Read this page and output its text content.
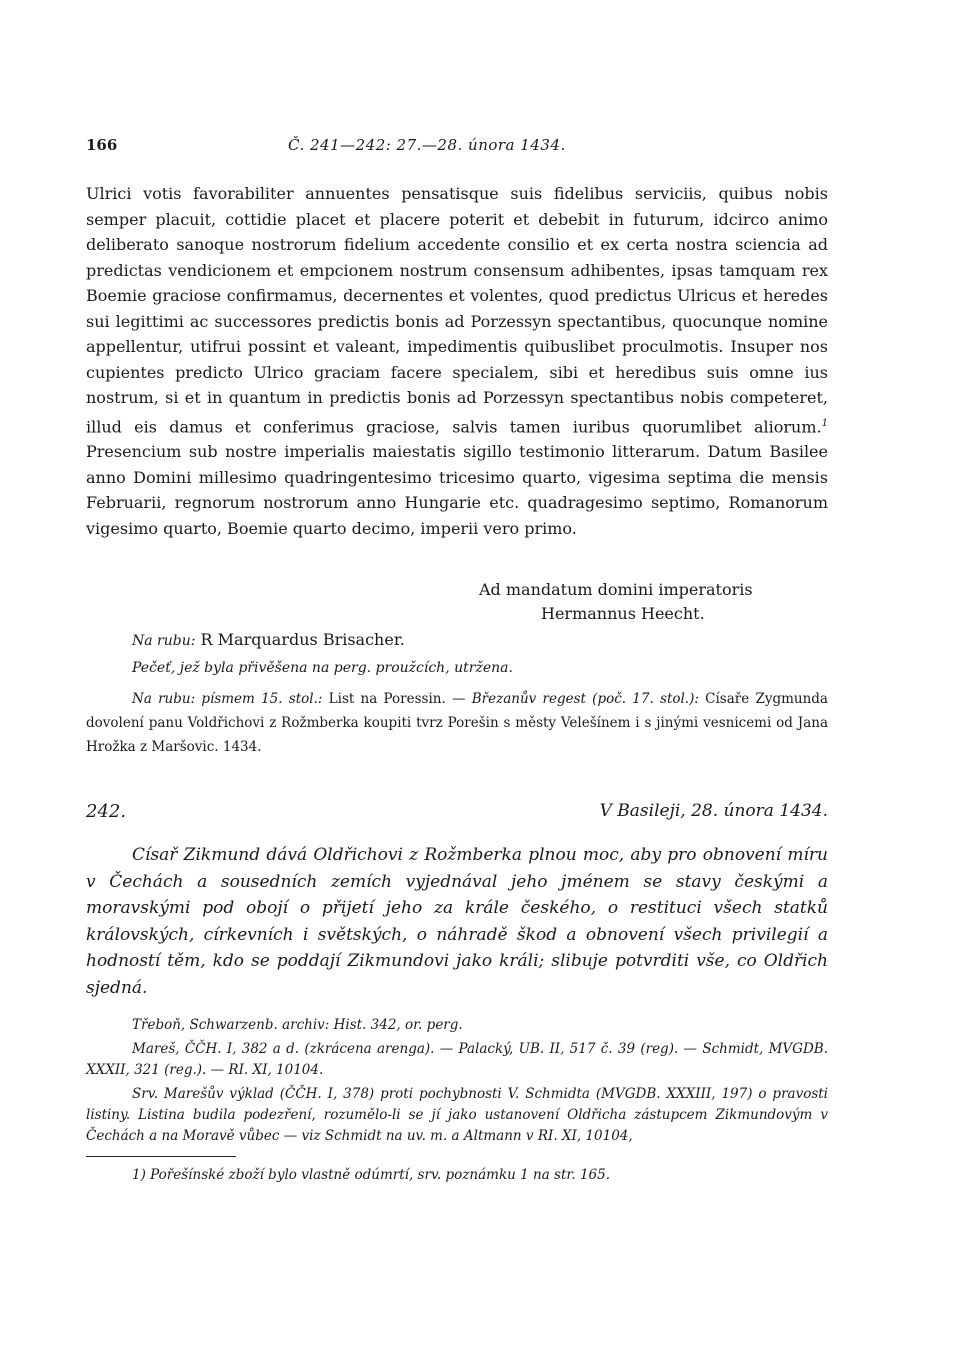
166	Č. 241—242: 27.—28. února 1434.
Ulrici votis favorabiliter annuentes pensatisque suis fidelibus serviciis, quibus nobis semper placuit, cottidie placet et placere poterit et debebit in futurum, idcirco animo deliberato sanoque nostrorum fidelium accedente consilio et ex certa nostra sciencia ad predictas vendicionem et empcionem nostrum consensum adhibentes, ipsas tamquam rex Boemie graciose confirmamus, decernentes et volentes, quod predictus Ulricus et heredes sui legittimi ac successores predictis bonis ad Porzessyn spectantibus, quocunque nomine appellentur, utifrui possint et valeant, impedimentis quibuslibet proculmotis. Insuper nos cupientes predicto Ulrico graciam facere specialem, sibi et heredibus suis omne ius nostrum, si et in quantum in predictis bonis ad Porzessyn spectantibus nobis competeret, illud eis damus et conferimus graciose, salvis tamen iuribus quorumlibet aliorum.$^1$ Presencium sub nostre imperialis maiestatis sigillo testimonio litterarum. Datum Basilee anno Domini millesimo quadringentesimo tricesimo quarto, vigesima septima die mensis Februarii, regnorum nostrorum anno Hungarie etc. quadragesimo septimo, Romanorum vigesimo quarto, Boemie quarto decimo, imperii vero primo.
Ad mandatum domini imperatoris
Hermannus Heecht.
Na rubu: R Marquardus Brisacher.
Pečeť, jež byla přivěšena na perg. proužcích, utržena.
Na rubu: písmem 15. stol.: List na Poressin. — Březanův regest (poč. 17. stol.): Císaře Zygmunda dovolení panu Voldřichovi z Rožmberka koupiti tvrz Porešin s městy Velešínem i s jinými vesnicemi od Jana Hrožka z Maršovic. 1434.
242.	V Basileji, 28. února 1434.
Císař Zikmund dává Oldřichovi z Rožmberka plnou moc, aby pro obnovení míru v Čechách a sousedních zemích vyjednával jeho jménem se stavy českými a moravskými pod obojí o přijetí jeho za krále českého, o restituci všech statků královských, církevních i světských, o náhradě škod a obnovení všech privilegií a hodností těm, kdo se poddají Zikmundovi jako králi; slibuje potvrditi vše, co Oldřich sjedná.

Třeboň, Schwarzenb. archiv: Hist. 342, or. perg.

Mareš, ČČH. I, 382 a d. (zkrácena arenga). — Palacký, UB. II, 517 č. 39 (reg). — Schmidt, MVGDB. XXXII, 321 (reg.). — RI. XI, 10104.

Srv. Marešův výklad (ČČH. I, 378) proti pochybnosti V. Schmidta (MVGDB. XXXIII, 197) o pravosti listiny. Listina budila podezření, rozumělo-li se jí jako ustanovení Oldřicha zástupcem Zikmundovým v Čechách a na Moravě vůbec — viz Schmidt na uv. m. a Altmann v RI. XI, 10104,

1) Pořešínské zboží bylo vlastně odúmrtí, srv. poznámku 1 na str. 165.
